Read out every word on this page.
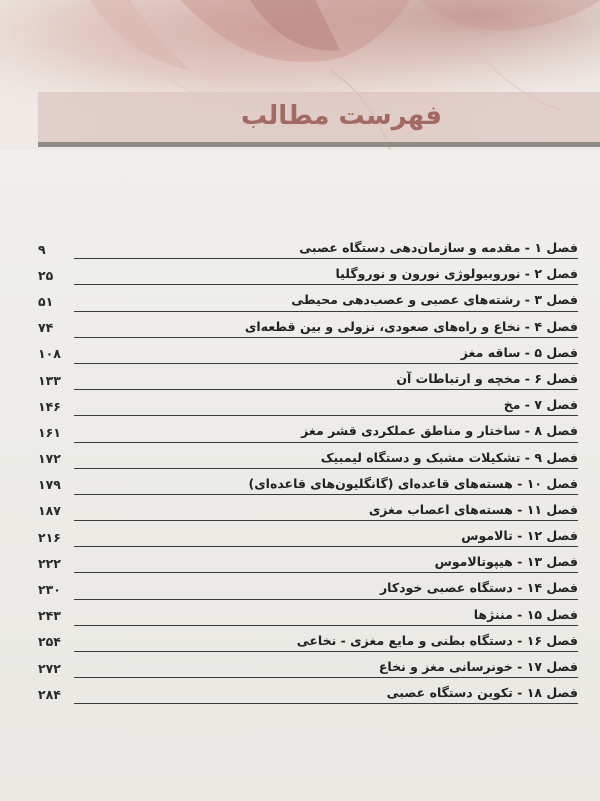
فهرست مطالب
۹	فصل ۱ - مقدمه و سازمان‌دهی دستگاه عصبی
۲۵	فصل ۲ - نوروبیولوژی نورون و نوروگلیا
۵۱	فصل ۳ - رشته‌های عصبی و عصب‌دهی محیطی
۷۴	فصل ۴ - نخاع و راه‌های صعودی، نزولی و بین قطعه‌ای
۱۰۸	فصل ۵ - ساقه مغز
۱۳۳	فصل ۶ - مخچه و ارتباطات آن
۱۴۶	فصل ۷ - مخ
۱۶۱	فصل ۸ - ساختار و مناطق عملکردی قشر مغز
۱۷۲	فصل ۹ - تشکیلات مشبک و دستگاه لیمبیک
۱۷۹	فصل ۱۰ - هسته‌های قاعده‌ای (گانگلیون‌های قاعده‌ای)
۱۸۷	فصل ۱۱ - هسته‌های اعصاب مغزی
۲۱۶	فصل ۱۲ - تالاموس
۲۲۲	فصل ۱۳ - هیپوتالاموس
۲۳۰	فصل ۱۴ - دستگاه عصبی خودکار
۲۴۳	فصل ۱۵ - مننژها
۲۵۴	فصل ۱۶ - دستگاه بطنی و مایع مغزی - نخاعی
۲۷۲	فصل ۱۷ - خونرسانی مغز و نخاع
۲۸۴	فصل ۱۸ - تکوین دستگاه عصبی
